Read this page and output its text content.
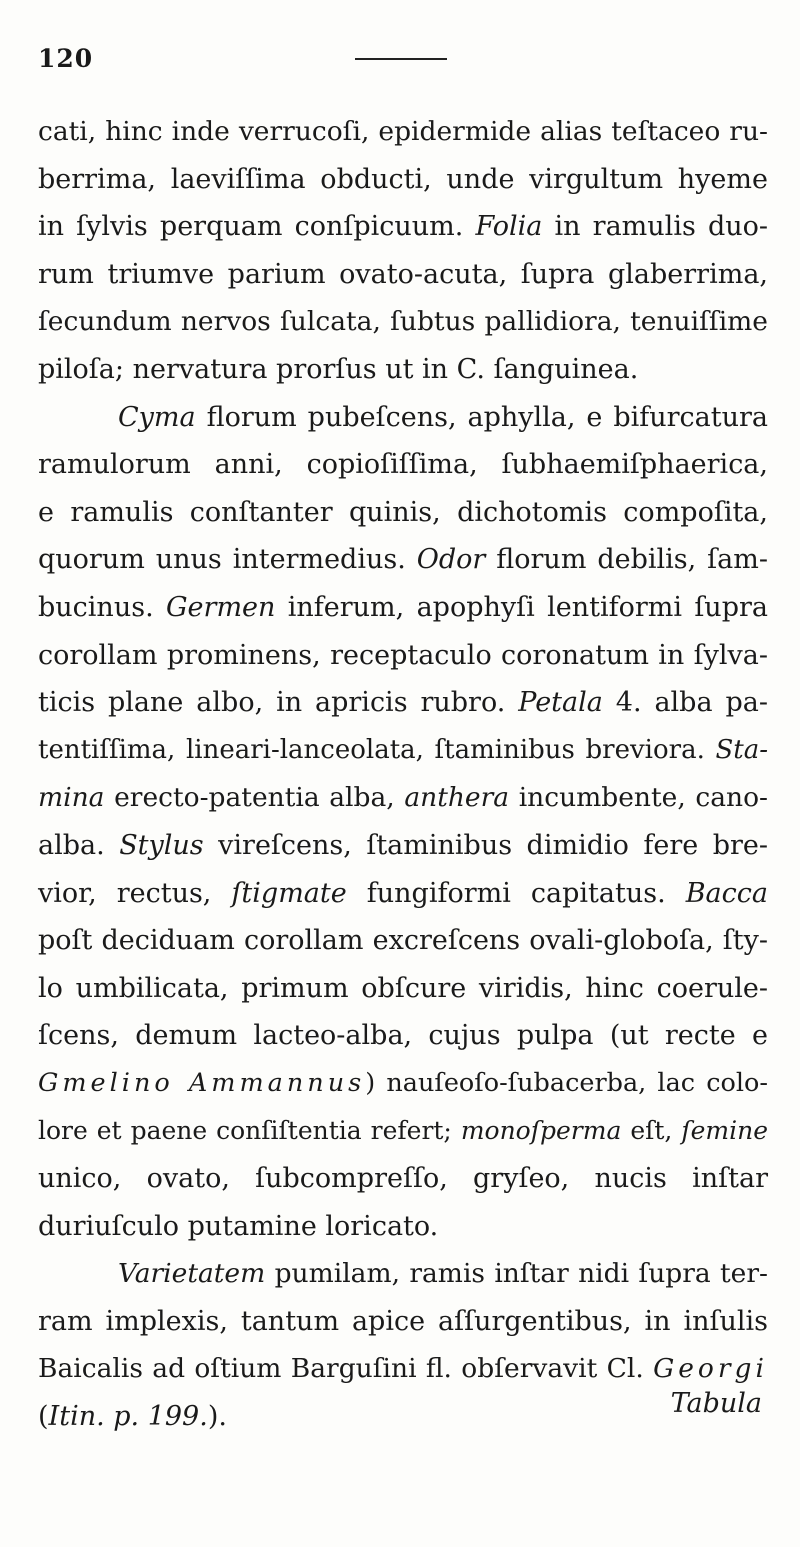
120
cati, hinc inde verrucoſi, epidermide alias teſtaceo ru-
berrima, laeviſſima obducti, unde virgultum hyeme
in ſylvis perquam conſpicuum. Folia in ramulis duo-
rum triumve parium ovato-acuta, ſupra glaberrima,
ſecundum nervos ſulcata, ſubtus pallidiora, tenuiſſime
piloſa; nervatura prorſus ut in C. ſanguinea.
Cyma florum pubeſcens, aphylla, e bifurcatura
ramulorum anni, copioſiſſima, ſubhaemiſphaerica,
e ramulis conſtanter quinis, dichotomis compoſita,
quorum unus intermedius. Odor florum debilis, ſam-
bucinus. Germen inferum, apophyſi lentiformi ſupra
corollam prominens, receptaculo coronatum in ſylva-
ticis plane albo, in apricis rubro. Petala 4. alba pa-
tentiſſima, lineari-lanceolata, ſtaminibus breviora. Sta-
mina erecto-patentia alba, anthera incumbente, cano-
alba. Stylus vireſcens, ſtaminibus dimidio fere bre-
vior, rectus, ſtigmate fungiformi capitatus. Bacca
poſt deciduam corollam excreſcens ovali-globoſa, ſty-
lo umbilicata, primum obſcure viridis, hinc coerule-
ſcens, demum lacteo-alba, cujus pulpa (ut recte e
Gmelino Ammannus) nauſeoſo-ſubacerba, lac colo-
lore et paene conſiſtentia refert; monoſperma eſt, ſemine
unico, ovato, ſubcompreſſo, gryſeo, nucis inſtar
duriuſculo putamine loricato.
Varietatem pumilam, ramis inſtar nidi ſupra ter-
ram implexis, tantum apice aſſurgentibus, in inſulis
Baicalis ad oſtium Barguſini fl. obſervavit Cl. Georgi
(Itin. p. 199.).	Tabula
